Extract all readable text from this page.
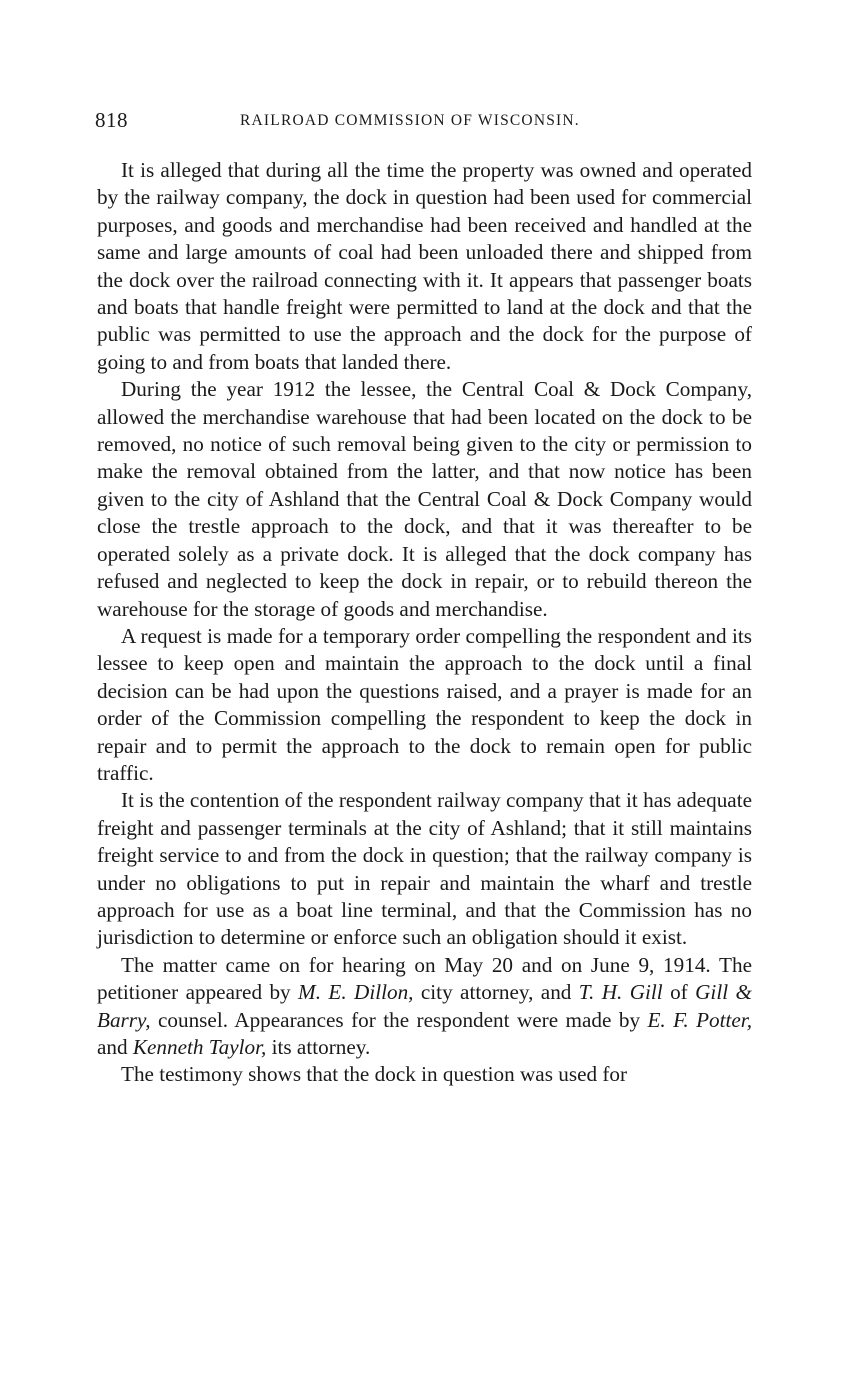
818	RAILROAD COMMISSION OF WISCONSIN.

It is alleged that during all the time the property was owned and operated by the railway company, the dock in question had been used for commercial purposes, and goods and merchandise had been received and handled at the same and large amounts of coal had been unloaded there and shipped from the dock over the railroad connecting with it. It appears that passenger boats and boats that handle freight were permitted to land at the dock and that the public was permitted to use the approach and the dock for the purpose of going to and from boats that landed there.

During the year 1912 the lessee, the Central Coal & Dock Company, allowed the merchandise warehouse that had been located on the dock to be removed, no notice of such removal being given to the city or permission to make the removal obtained from the latter, and that now notice has been given to the city of Ashland that the Central Coal & Dock Company would close the trestle approach to the dock, and that it was thereafter to be operated solely as a private dock. It is alleged that the dock company has refused and neglected to keep the dock in repair, or to rebuild thereon the warehouse for the storage of goods and merchandise.

A request is made for a temporary order compelling the respondent and its lessee to keep open and maintain the approach to the dock until a final decision can be had upon the questions raised, and a prayer is made for an order of the Commission compelling the respondent to keep the dock in repair and to permit the approach to the dock to remain open for public traffic.

It is the contention of the respondent railway company that it has adequate freight and passenger terminals at the city of Ashland; that it still maintains freight service to and from the dock in question; that the railway company is under no obligations to put in repair and maintain the wharf and trestle approach for use as a boat line terminal, and that the Commission has no jurisdiction to determine or enforce such an obligation should it exist.

The matter came on for hearing on May 20 and on June 9, 1914. The petitioner appeared by M. E. Dillon, city attorney, and T. H. Gill of Gill & Barry, counsel. Appearances for the respondent were made by E. F. Potter, and Kenneth Taylor, its attorney.

The testimony shows that the dock in question was used for
